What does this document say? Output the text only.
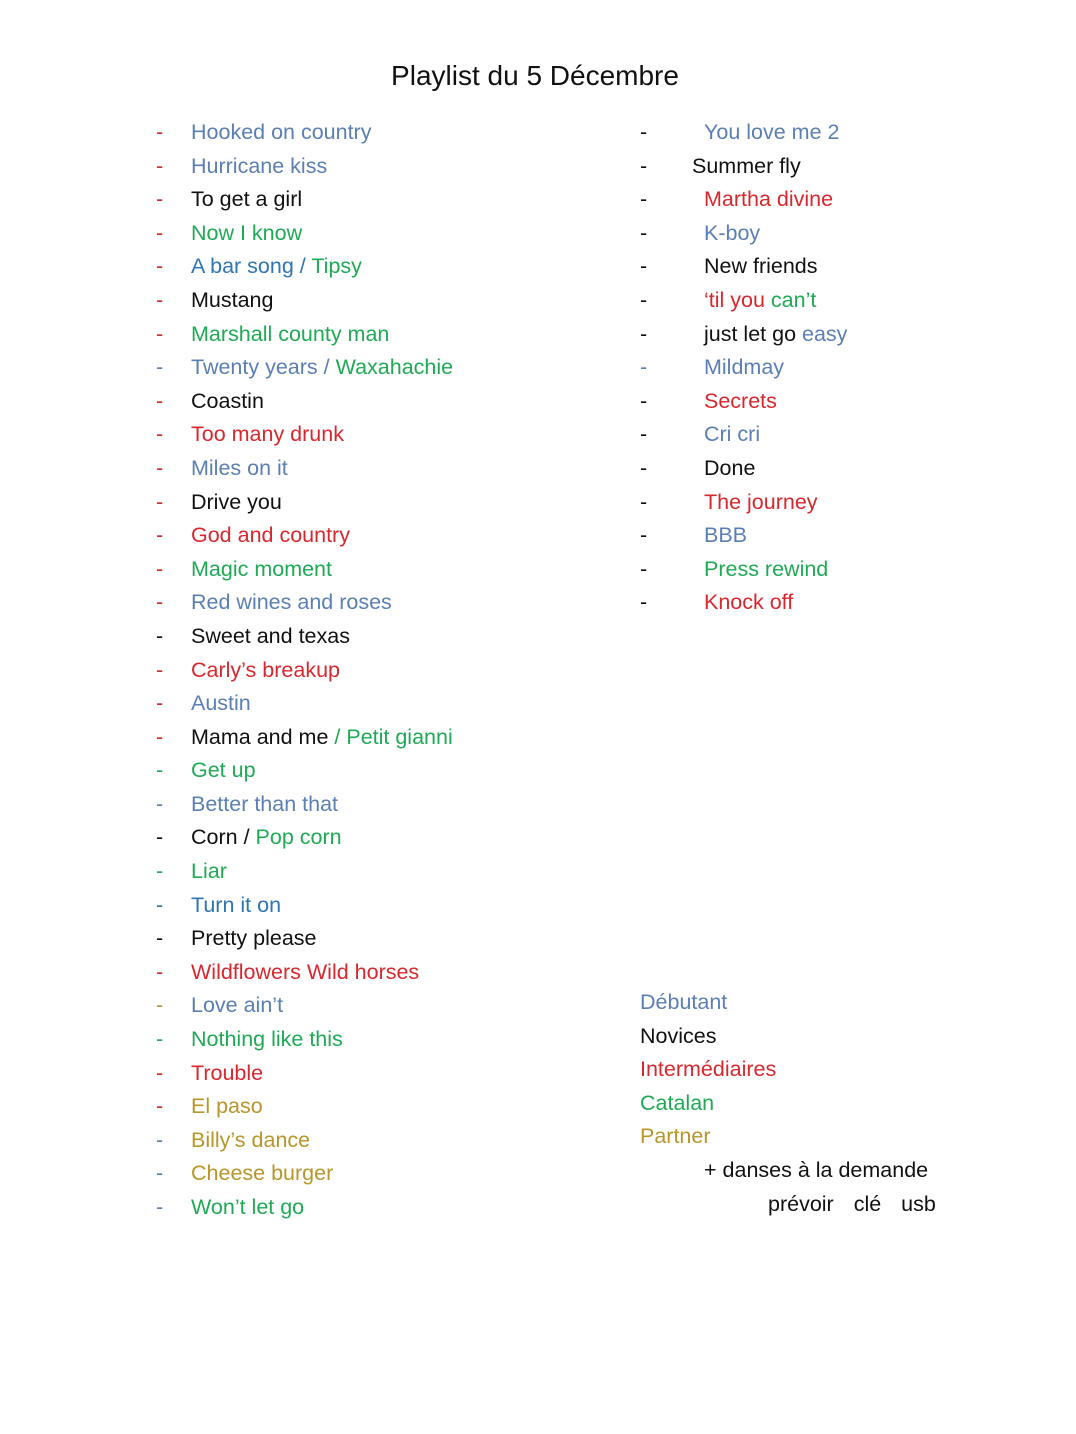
Playlist du 5 Décembre
- Hooked on country
- Hurricane kiss
- To get a girl
- Now I know
- A bar song / Tipsy
- Mustang
- Marshall county man
- Twenty years / Waxahachie
- Coastin
- Too many drunk
- Miles on it
- Drive you
- God and country
- Magic moment
- Red wines and roses
- Sweet and texas
- Carly’s breakup
- Austin
- Mama and me / Petit gianni
- Get up
- Better than that
- Corn / Pop corn
- Liar
- Turn it on
- Pretty please
- Wildflowers Wild horses
- Love ain’t
- Nothing like this
- Trouble
- El paso
- Billy’s dance
- Cheese burger
- Won’t let go
-	You love me 2
- Summer fly
-	Martha divine
-	K-boy
-	New friends
-	‘til you can’t
-	just let go easy
-	Mildmay
-	Secrets
-	Cri cri
-	Done
-	The journey
-	BBB
-	Press rewind
-	Knock off
Débutant
Novices
Intermédiaires
Catalan
Partner
+ danses à la demande
prévoir clé usb
